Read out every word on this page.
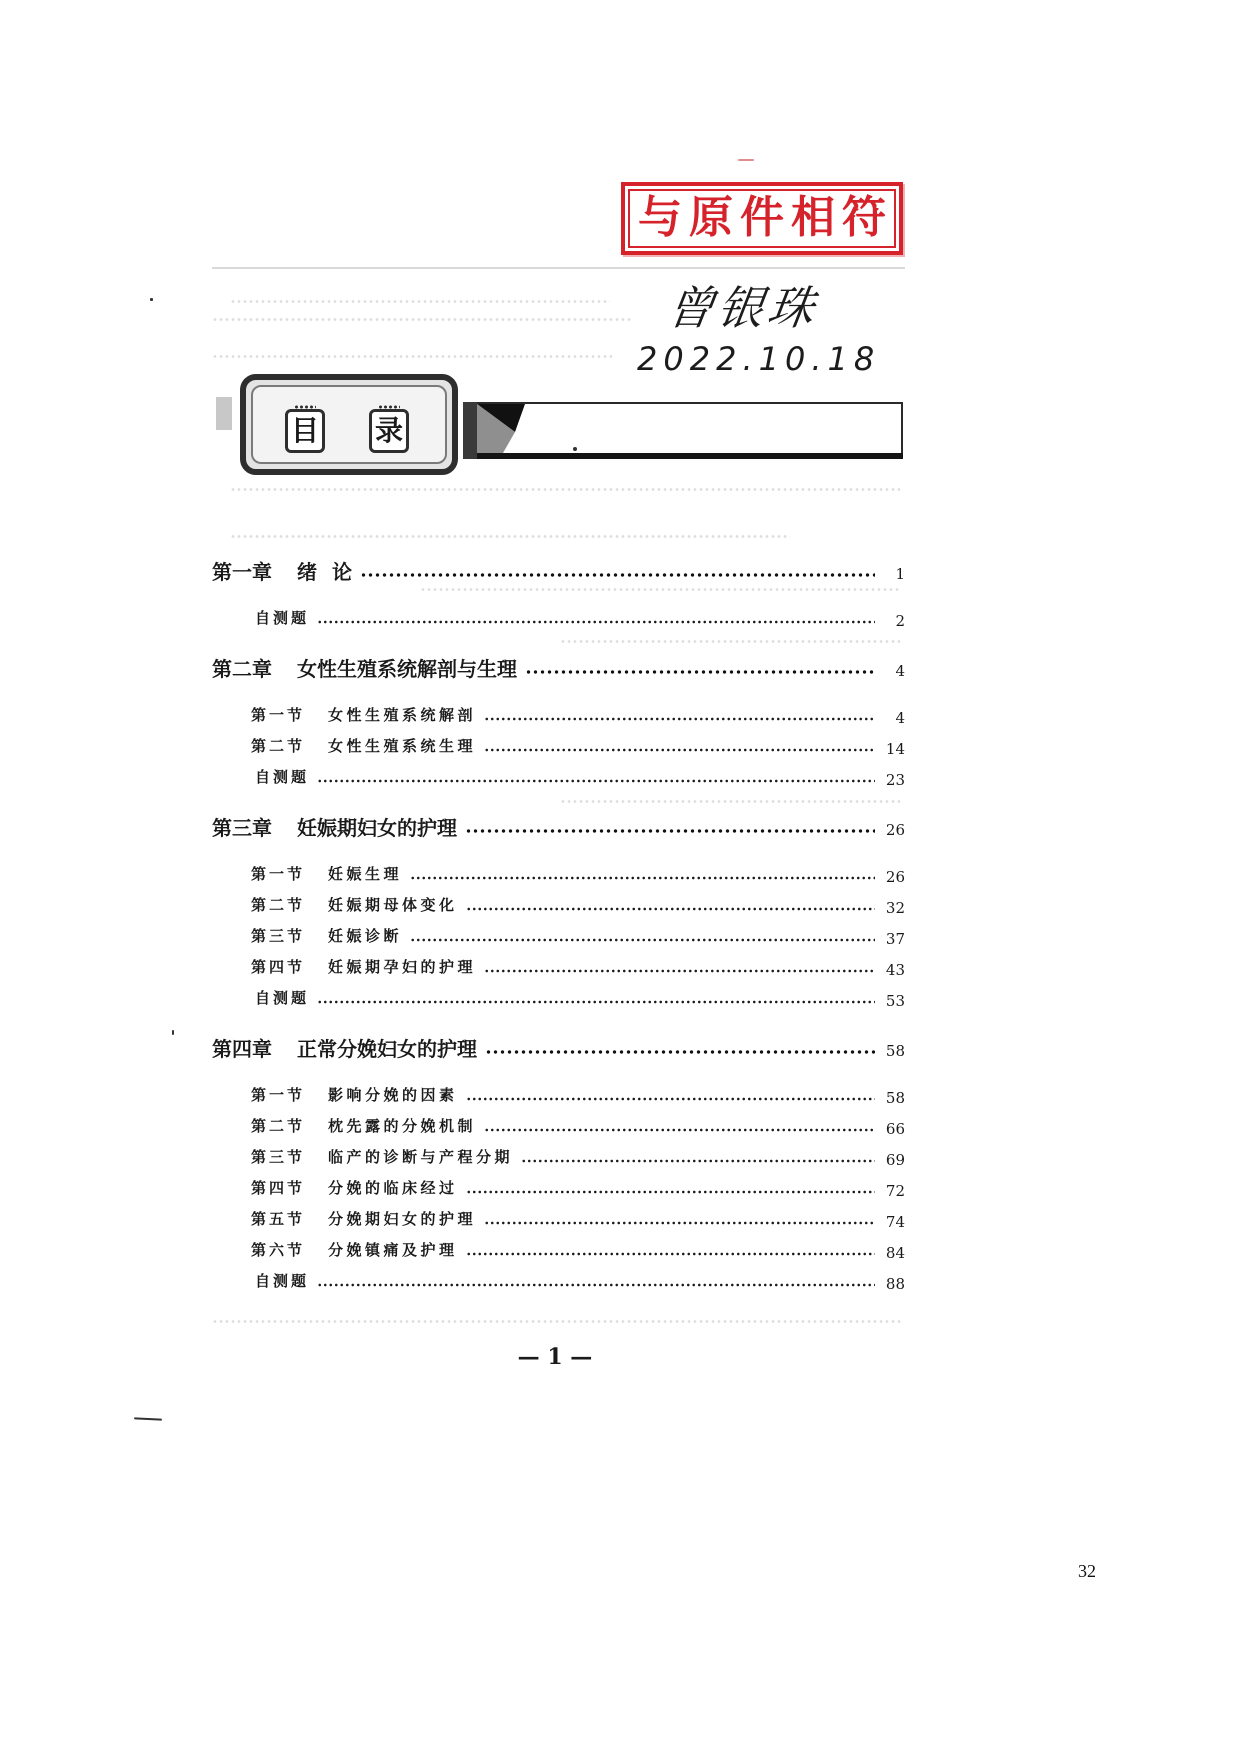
与原件相符
曾银珠
2022.10.18
目 录
第一章 绪 论	1
自测题	2
第二章 女性生殖系统解剖与生理	4
第一节 女性生殖系统解剖	4
第二节 女性生殖系统生理	14
自测题	23
第三章 妊娠期妇女的护理	26
第一节 妊娠生理	26
第二节 妊娠期母体变化	32
第三节 妊娠诊断	37
第四节 妊娠期孕妇的护理	43
自测题	53
第四章 正常分娩妇女的护理	58
第一节 影响分娩的因素	58
第二节 枕先露的分娩机制	66
第三节 临产的诊断与产程分期	69
第四节 分娩的临床经过	72
第五节 分娩期妇女的护理	74
第六节 分娩镇痛及护理	84
自测题	88
— 1 —
32
